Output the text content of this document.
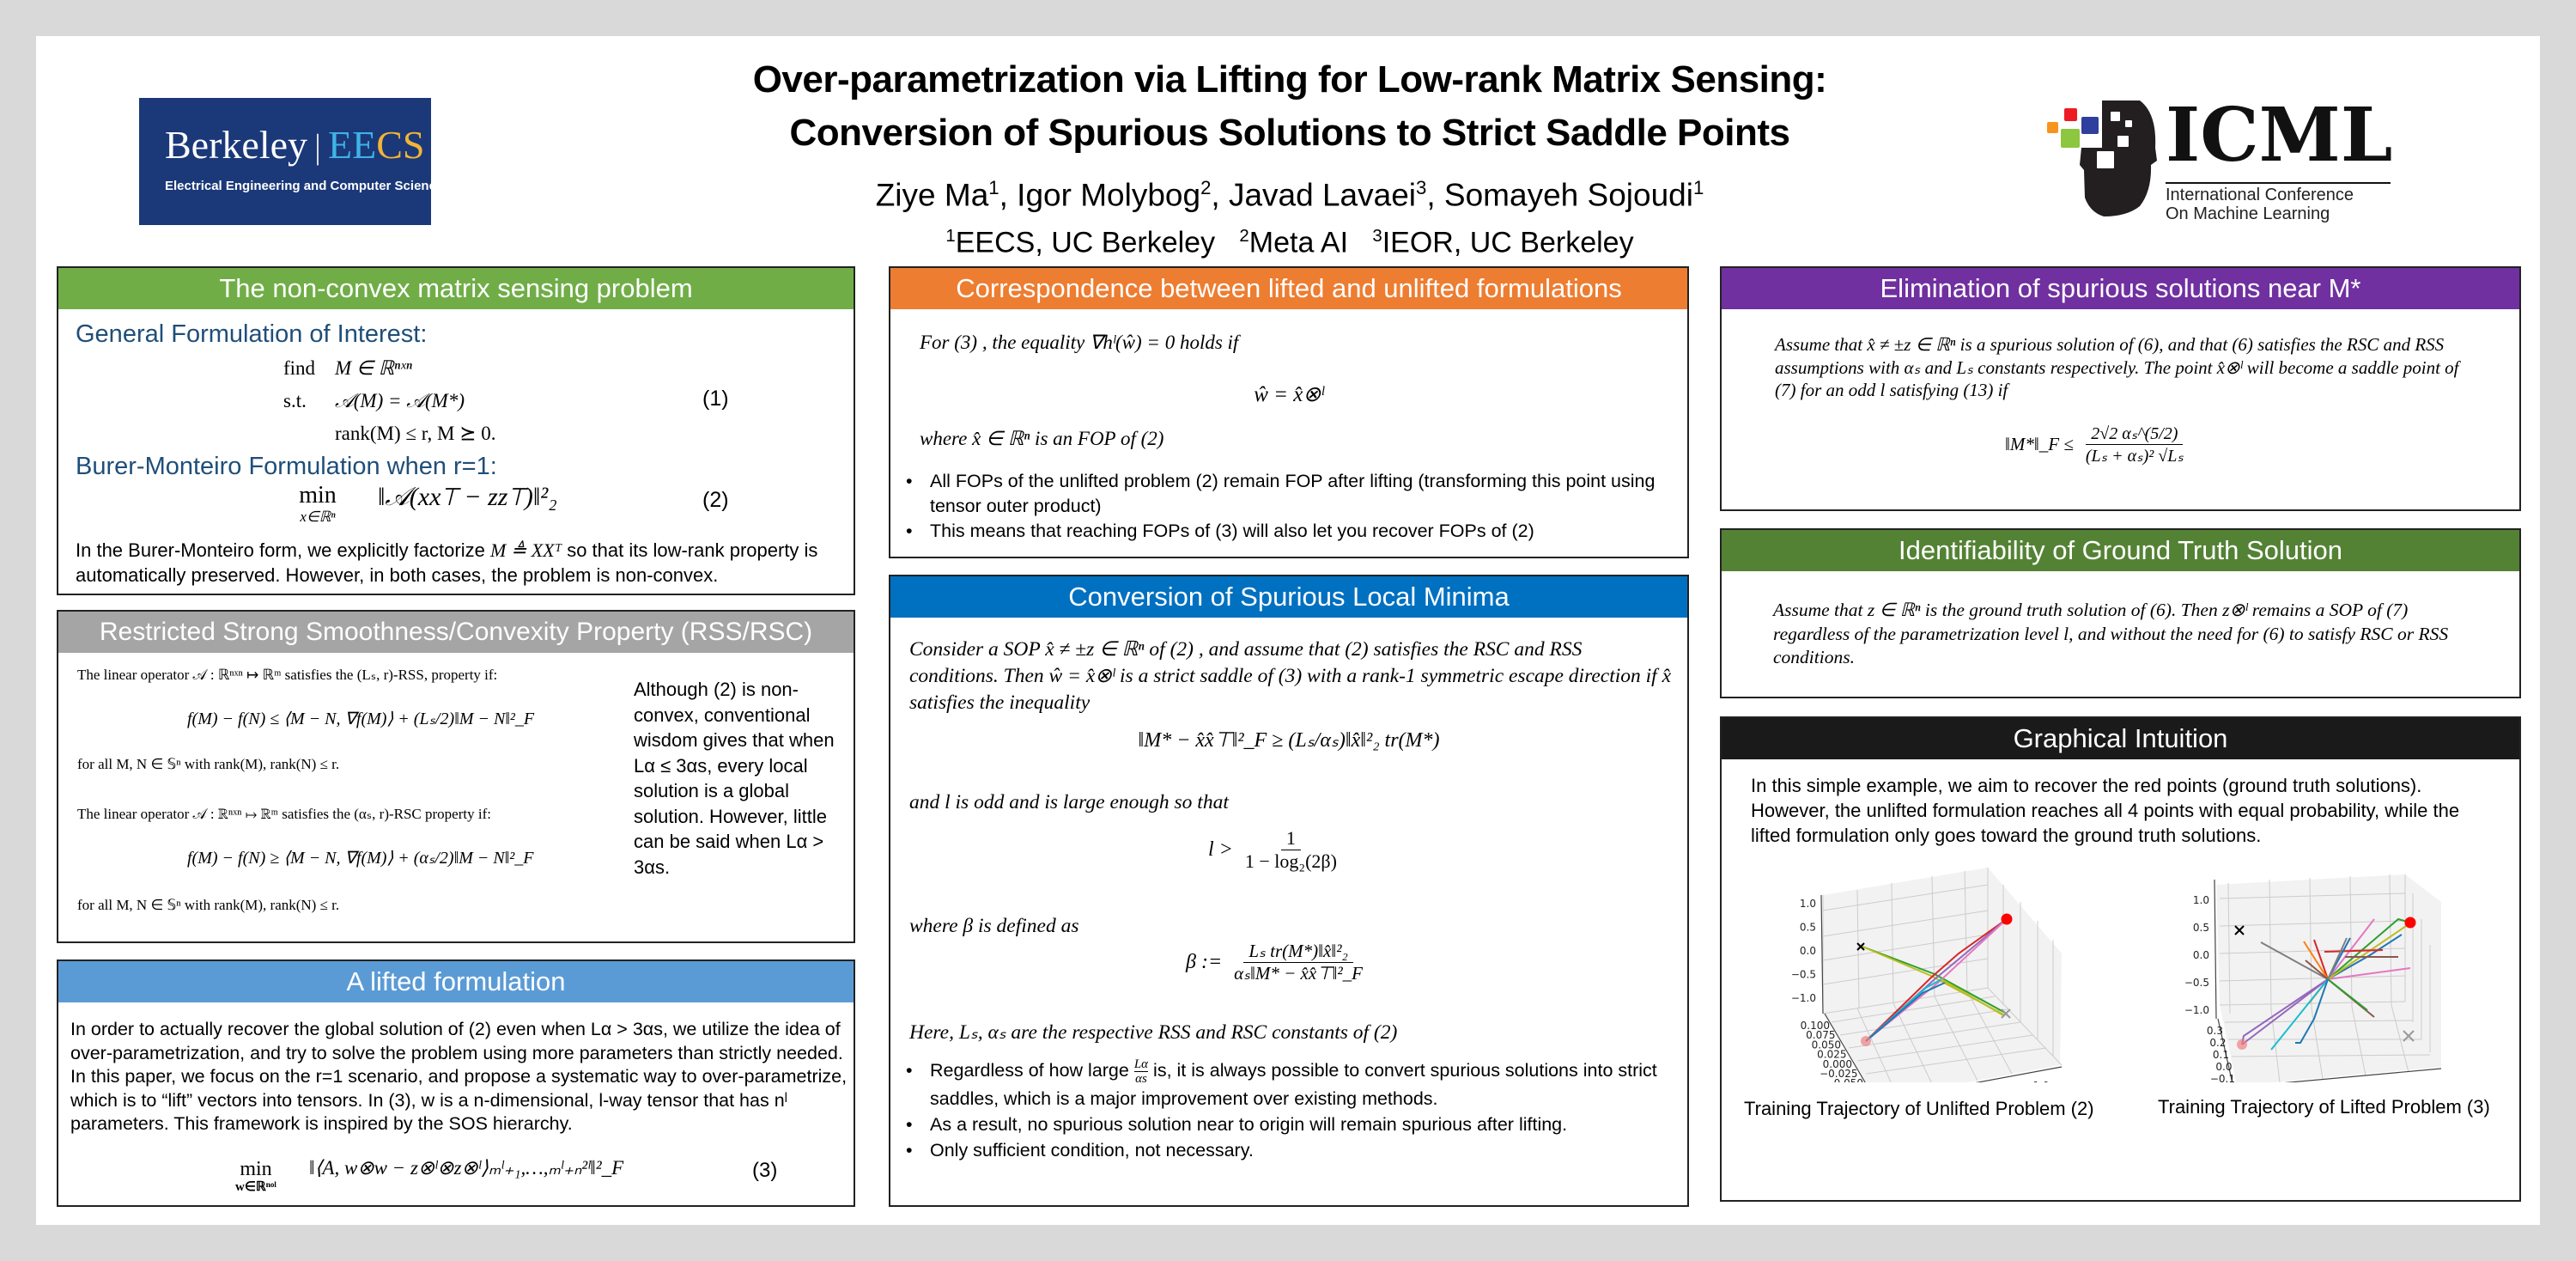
Berkeley | EECS
Electrical Engineering and Computer Sciences
Over-parametrization via Lifting for Low-rank Matrix Sensing:
Conversion of Spurious Solutions to Strict Saddle Points
Ziye Ma$^1$, Igor Molybog$^2$, Javad Lavaei$^3$, Somayeh Sojoudi$^1$
$^1$EECS, UC Berkeley $^2$Meta AI $^3$IEOR, UC Berkeley
ICML
International Conference
On Machine Learning
The non-convex matrix sensing problem
General Formulation of Interest:
find M ∈ ℝⁿˣⁿ
s.t. 𝒜(M) = 𝒜(M*)
rank(M) ≤ r, M ⪰ 0.
(1)
Burer-Monteiro Formulation when r=1:
min
x∈ℝⁿ
‖𝒜(xx⊤ − zz⊤)‖²₂	(2)
In the Burer-Monteiro form, we explicitly factorize M ≜ XXᵀ so that its low-rank property is automatically preserved. However, in both cases, the problem is non-convex.
Restricted Strong Smoothness/Convexity Property (RSS/RSC)
The linear operator 𝒜 : ℝⁿˣⁿ ↦ ℝᵐ satisfies the (Lₛ, r)-RSS, property if:
f(M) − f(N) ≤ ⟨M − N, ∇f(M)⟩ + (Lₛ/2)‖M − N‖²_F
for all M, N ∈ 𝕊ⁿ with rank(M), rank(N) ≤ r.
The linear operator 𝒜 : ℝⁿˣⁿ ↦ ℝᵐ satisfies the (αₛ, r)-RSC property if:
f(M) − f(N) ≥ ⟨M − N, ∇f(M)⟩ + (αₛ/2)‖M − N‖²_F
for all M, N ∈ 𝕊ⁿ with rank(M), rank(N) ≤ r.
Although (2) is non-convex, conventional wisdom gives that when Lα ≤ 3αs, every local solution is a global solution. However, little can be said when Lα > 3αs.
A lifted formulation
In order to actually recover the global solution of (2) even when Lα > 3αs, we utilize the idea of over-parametrization, and try to solve the problem using more parameters than strictly needed. In this paper, we focus on the r=1 scenario, and propose a systematic way to over-parametrize, which is to “lift” vectors into tensors. In (3), w is a n-dimensional, l-way tensor that has nˡ parameters. This framework is inspired by the SOS hierarchy.
min
w∈ℝⁿᵒˡ
‖⟨A, w⊗w − z⊗ˡ⊗z⊗ˡ⟩ₘˡ₊₁,…,ₘˡ₊ₙ²ˡ‖²_F	(3)
Correspondence between lifted and unlifted formulations
For (3) , the equality ∇hˡ(ŵ) = 0 holds if
ŵ = x̂⊗ˡ
where x̂ ∈ ℝⁿ is an FOP of (2)
• All FOPs of the unlifted problem (2) remain FOP after lifting (transforming this point using tensor outer product)
• This means that reaching FOPs of (3) will also let you recover FOPs of (2)
Conversion of Spurious Local Minima
Consider a SOP x̂ ≠ ±z ∈ ℝⁿ of (2) , and assume that (2) satisfies the RSC and RSS conditions. Then ŵ = x̂⊗ˡ is a strict saddle of (3) with a rank-1 symmetric escape direction if x̂ satisfies the inequality
‖M* − x̂x̂⊤‖²_F ≥ (Lₛ/αₛ)‖x̂‖²₂ tr(M*)
and l is odd and is large enough so that
$l > \frac{1}{\text{1 − log₂(2β)}}$
where β is defined as
β := $\frac{\text{Lₛ tr(M*)‖x̂‖²₂}}{\text{αₛ‖M* − x̂x̂⊤‖²\_F}}$
Here, Lₛ, αₛ are the respective RSS and RSC constants of (2)
• Regardless of how large $\frac{L\alpha}{\alpha s}$ is, it is always possible to convert spurious solutions into strict saddles, which is a major improvement over existing methods.
• As a result, no spurious solution near to origin will remain spurious after lifting.
• Only sufficient condition, not necessary.
Elimination of spurious solutions near M*
Assume that x̂ ≠ ±z ∈ ℝⁿ is a spurious solution of (6), and that (6) satisfies the RSC and RSS assumptions with αₛ and Lₛ constants respectively. The point x̂⊗ˡ will become a saddle point of (7) for an odd l satisfying (13) if
‖M*‖_F ≤ $\frac{\text{2√2 αₛ\textasciicircum{}(5/2)}}{\text{(Lₛ + αₛ)² √Lₛ}}$
Identifiability of Ground Truth Solution
Assume that z ∈ ℝⁿ is the ground truth solution of (6). Then z⊗ˡ remains a SOP of (7) regardless of the parametrization level l, and without the need for (6) to satisfy RSC or RSS conditions.
Graphical Intuition
In this simple example, we aim to recover the red points (ground truth solutions). However, the unlifted formulation reaches all 4 points with equal probability, while the lifted formulation only goes toward the ground truth solutions.
1.0
0.5
0.0
−0.5
−1.0
0.100
0.075
0.050
0.025
0.000
−0.025
Training Trajectory of Unlifted Problem (2)
1.0
0.5
0.0
−0.5
−1.0
0.3
0.2
0.1
0.0
−0.1
Training Trajectory of Lifted Problem (3)
